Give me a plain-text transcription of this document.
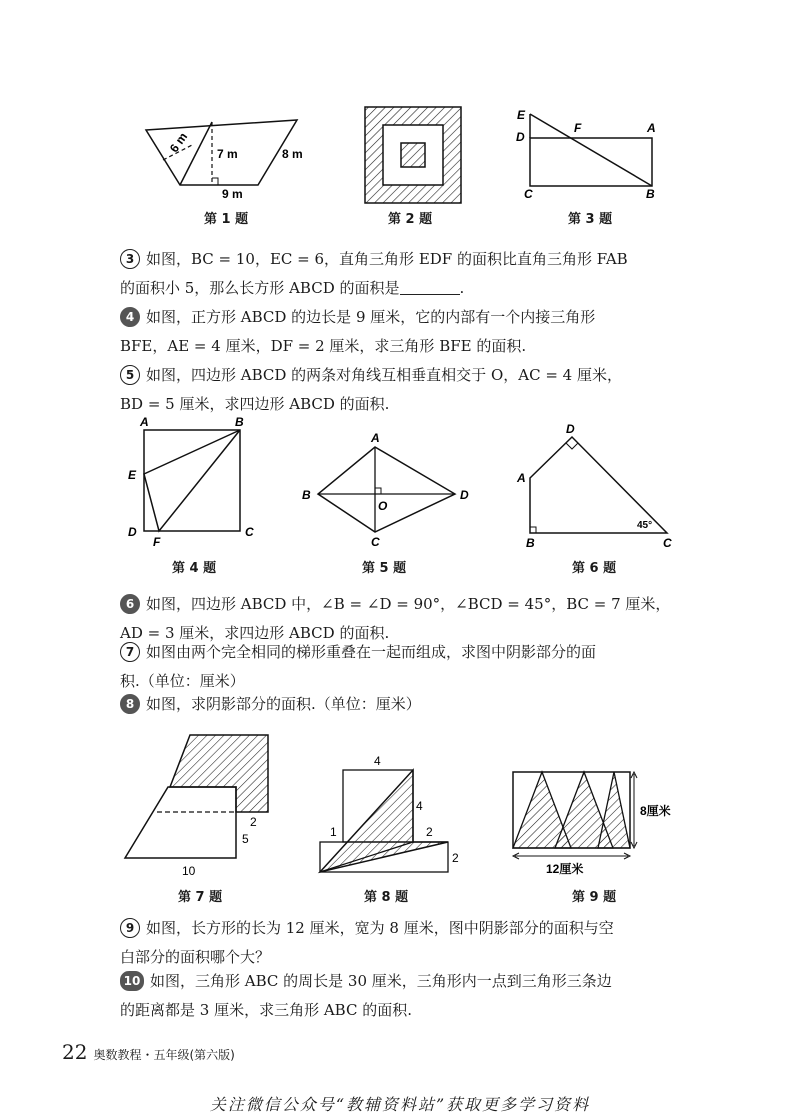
6 m 7 m	8 m
9 m
E
D
F	A
C	B
第 1 题	第 2 题	第 3 题

3 如图，BC = 10，EC = 6，直角三角形 EDF 的面积比直角三角形 FAB
的面积小 5，那么长方形 ABCD 的面积是	.

4 如图，正方形 ABCD 的边长是 9 厘米，它的内部有一个内接三角形
BFE，AE = 4 厘米，DF = 2 厘米，求三角形 BFE 的面积.

5 如图，四边形 ABCD 的两条对角线互相垂直相交于 O，AC = 4 厘米，
BD = 5 厘米，求四边形 ABCD 的面积.

A	B
E
D
F
C
A
B	D
O
C
D
A
B	C
45°
第 4 题	第 5 题	第 6 题

6 如图，四边形 ABCD 中，∠B = ∠D = 90°，∠BCD = 45°，BC = 7 厘米，
AD = 3 厘米，求四边形 ABCD 的面积.

7 如图由两个完全相同的梯形重叠在一起而组成，求图中阴影部分的面
积.（单位：厘米）

8 如图，求阴影部分的面积.（单位：厘米）

2
5
10
4
4
1	2
2
8厘米
12厘米
第 7 题	第 8 题	第 9 题

9 如图，长方形的长为 12 厘米，宽为 8 厘米，图中阴影部分的面积与空
白部分的面积哪个大？

10 如图，三角形 ABC 的周长是 30 厘米，三角形内一点到三角形三条边
的距离都是 3 厘米，求三角形 ABC 的面积.

22 奥数教程・五年级(第六版)
关注微信公众号“教辅资料站”获取更多学习资料
